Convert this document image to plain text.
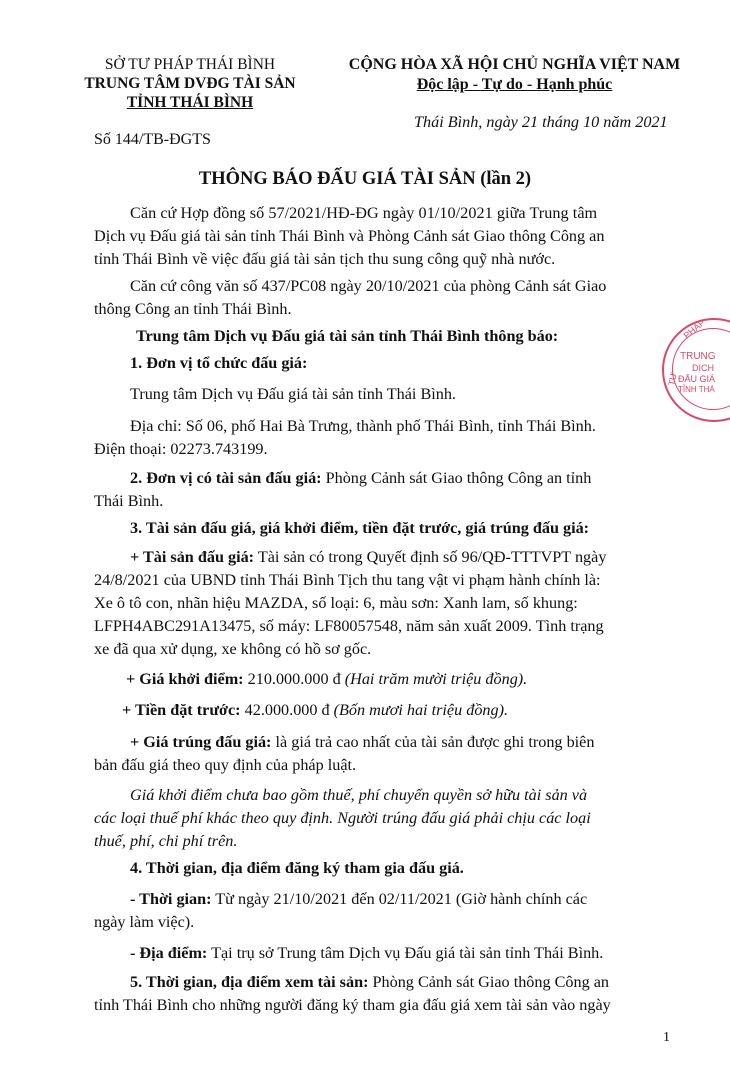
SỞ TƯ PHÁP THÁI BÌNH
TRUNG TÂM DVĐG TÀI SẢN
TỈNH THÁI BÌNH
Số 144/TB-ĐGTS
CỘNG HÒA XÃ HỘI CHỦ NGHĨA VIỆT NAM
Độc lập - Tự do - Hạnh phúc
Thái Bình, ngày 21 tháng 10 năm 2021
THÔNG BÁO ĐẤU GIÁ TÀI SẢN (lần 2)
Căn cứ Hợp đồng số 57/2021/HĐ-ĐG ngày 01/10/2021 giữa Trung tâm
Dịch vụ Đấu giá tài sản tỉnh Thái Bình và Phòng Cảnh sát Giao thông Công an
tỉnh Thái Bình về việc đấu giá tài sản tịch thu sung công quỹ nhà nước.
Căn cứ công văn số 437/PC08 ngày 20/10/2021 của phòng Cảnh sát Giao
thông Công an tỉnh Thái Bình.
Trung tâm Dịch vụ Đấu giá tài sản tỉnh Thái Bình thông báo:
1. Đơn vị tổ chức đấu giá:
Trung tâm Dịch vụ Đấu giá tài sản tỉnh Thái Bình.
Địa chỉ: Số 06, phố Hai Bà Trưng, thành phố Thái Bình, tỉnh Thái Bình.
Điện thoại: 02273.743199.
2. Đơn vị có tài sản đấu giá: Phòng Cảnh sát Giao thông Công an tỉnh
Thái Bình.
3. Tài sản đấu giá, giá khởi điểm, tiền đặt trước, giá trúng đấu giá:
+ Tài sản đấu giá: Tài sản có trong Quyết định số 96/QĐ-TTTVPT ngày
24/8/2021 của UBND tỉnh Thái Bình Tịch thu tang vật vi phạm hành chính là:
Xe ô tô con, nhãn hiệu MAZDA, số loại: 6, màu sơn: Xanh lam, số khung:
LFPH4ABC291A13475, số máy: LF80057548, năm sản xuất 2009. Tình trạng
xe đã qua xử dụng, xe không có hồ sơ gốc.
+ Giá khởi điểm: 210.000.000 đ (Hai trăm mười triệu đồng).
+ Tiền đặt trước: 42.000.000 đ (Bốn mươi hai triệu đồng).
+ Giá trúng đấu giá: là giá trả cao nhất của tài sản được ghi trong biên
bản đấu giá theo quy định của pháp luật.
Giá khởi điểm chưa bao gồm thuế, phí chuyển quyền sở hữu tài sản và
các loại thuế phí khác theo quy định. Người trúng đấu giá phải chịu các loại
thuế, phí, chi phí trên.
4. Thời gian, địa điểm đăng ký tham gia đấu giá.
- Thời gian: Từ ngày 21/10/2021 đến 02/11/2021 (Giờ hành chính các
ngày làm việc).
- Địa điểm: Tại trụ sở Trung tâm Dịch vụ Đấu giá tài sản tỉnh Thái Bình.
5. Thời gian, địa điểm xem tài sản: Phòng Cảnh sát Giao thông Công an
tỉnh Thái Bình cho những người đăng ký tham gia đấu giá xem tài sản vào ngày
1
PHÁP
TƯ
TRUNG
DỊCH
ĐẤU GIÁ
TỈNH THÁ
